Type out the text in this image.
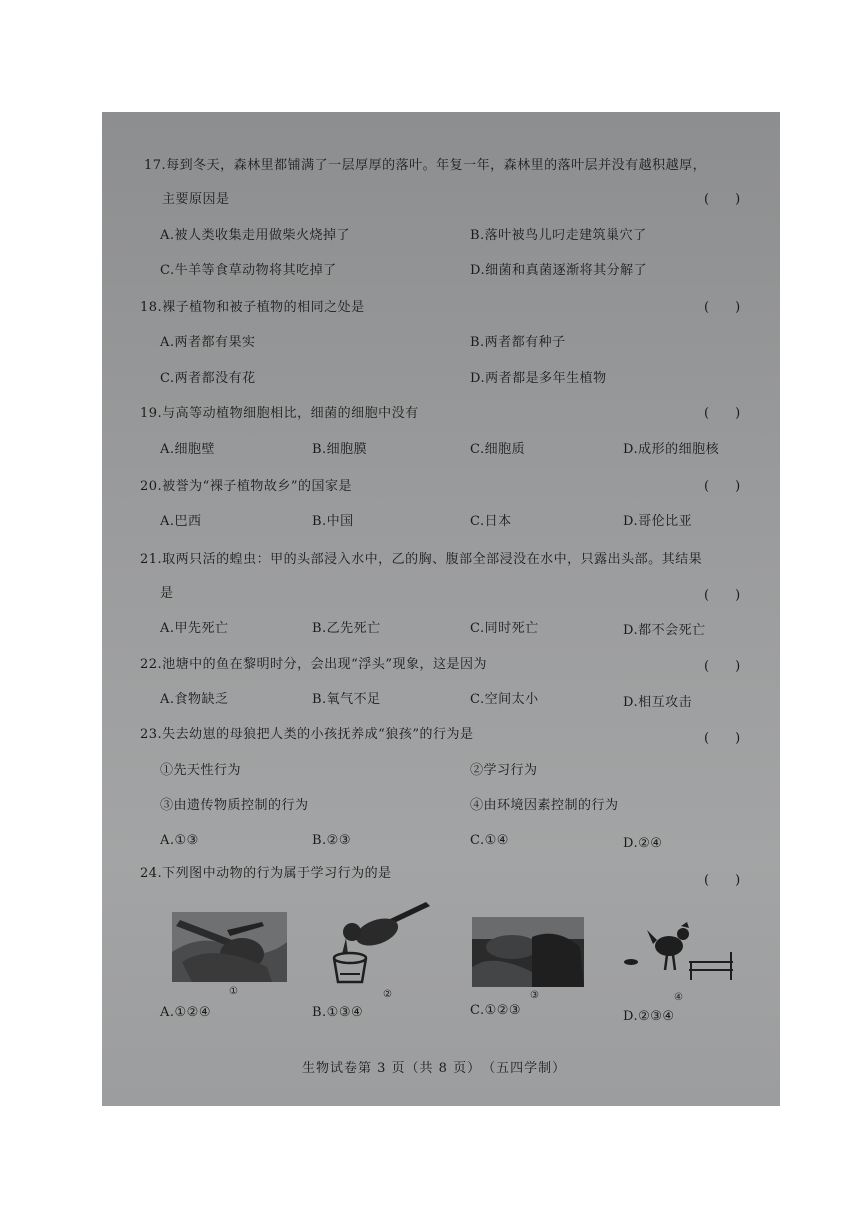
17.每到冬天，森林里都铺满了一层厚厚的落叶。年复一年，森林里的落叶层并没有越积越厚，
主要原因是	(　　)
A.被人类收集走用做柴火烧掉了	B.落叶被鸟儿叼走建筑巢穴了
C.牛羊等食草动物将其吃掉了	D.细菌和真菌逐渐将其分解了
18.裸子植物和被子植物的相同之处是	(　　)
A.两者都有果实	B.两者都有种子
C.两者都没有花	D.两者都是多年生植物
19.与高等动植物细胞相比，细菌的细胞中没有	(　　)
A.细胞壁	B.细胞膜	C.细胞质	D.成形的细胞核
20.被誉为“裸子植物故乡”的国家是	(　　)
A.巴西	B.中国	C.日本	D.哥伦比亚
21.取两只活的蝗虫：甲的头部浸入水中，乙的胸、腹部全部浸没在水中，只露出头部。其结果
是	(　　)
A.甲先死亡	B.乙先死亡	C.同时死亡	D.都不会死亡
22.池塘中的鱼在黎明时分，会出现“浮头”现象，这是因为	(　　)
A.食物缺乏	B.氧气不足	C.空间太小	D.相互攻击
23.失去幼崽的母狼把人类的小孩抚养成“狼孩”的行为是	(　　)
①先天性行为	②学习行为
③由遗传物质控制的行为	④由环境因素控制的行为
A.①③	B.②③	C.①④	D.②④
24.下列图中动物的行为属于学习行为的是	(　　)
①	②	③	④
A.①②④	B.①③④	C.①②③	D.②③④
生物试卷第 3 页（共 8 页）　（五四学制）
